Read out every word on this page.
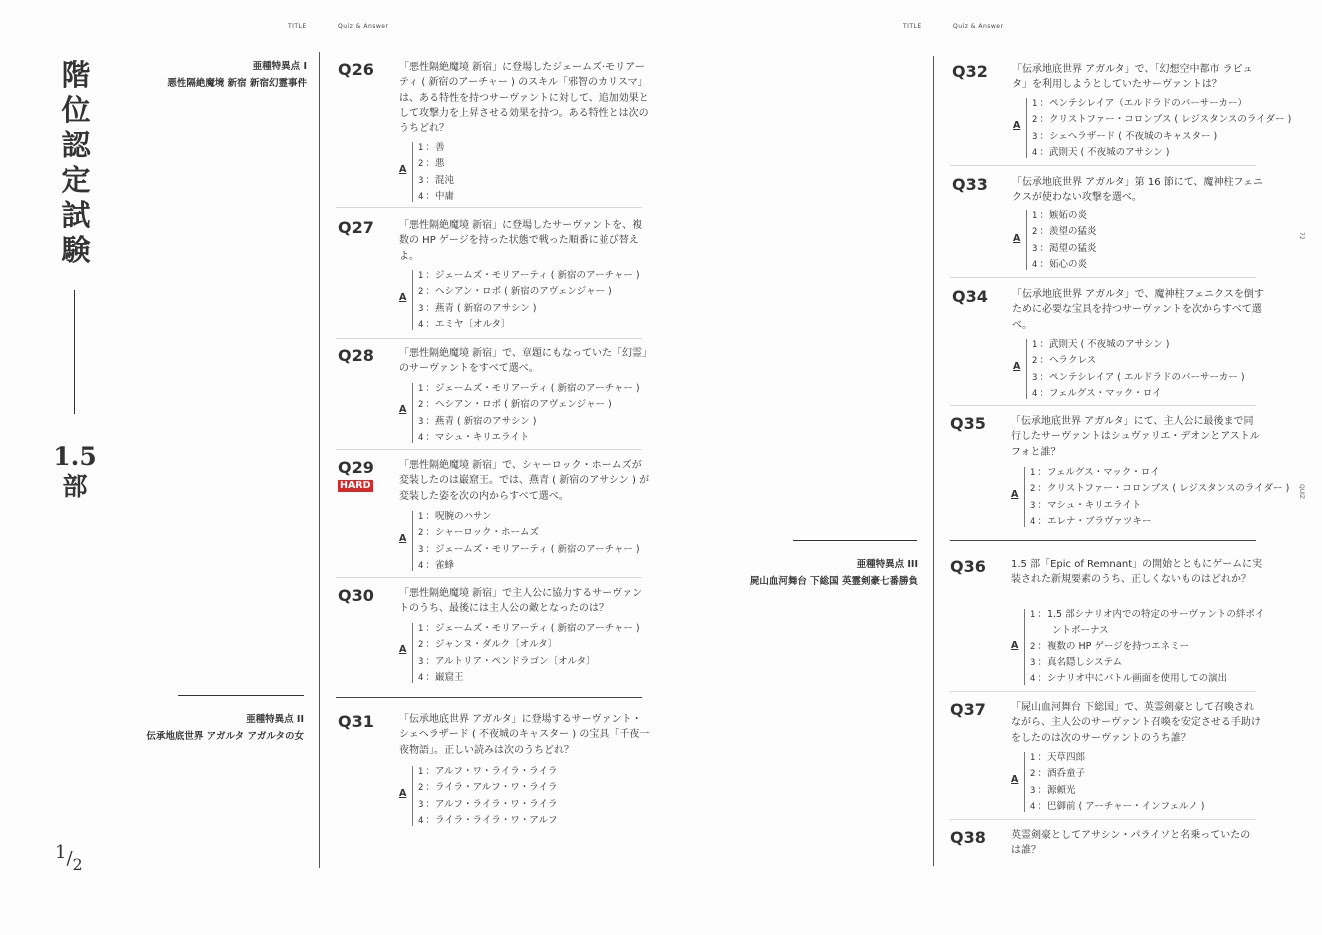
TITLE	Quiz & Answer	TITLE	Quiz & Answer
階
位
認
定
試
験
1.5
部
1/2
亜種特異点 I
悪性隔絶魔境 新宿 新宿幻霊事件
亜種特異点 II
伝承地底世界 アガルタ アガルタの女
亜種特異点 III
屍山血河舞台 下総国 英霊剣豪七番勝負
Q26	「悪性隔絶魔境 新宿」に登場したジェームズ·モリアーティ ( 新宿のアーチャー ) のスキル「邪智のカリスマ」は、ある特性を持つサーヴァントに対して、追加効果として攻撃力を上昇させる効果を持つ。ある特性とは次のうちどれ？
A
1 ：善
2 ：悪
3 ：混沌
4 ：中庸
Q27	「悪性隔絶魔境 新宿」に登場したサーヴァントを、複数の HP ゲージを持った状態で戦った順番に並び替えよ。
A
1 ：ジェームズ・モリアーティ ( 新宿のアーチャー )
2 ：ヘシアン・ロボ ( 新宿のアヴェンジャー )
3 ：燕青 ( 新宿のアサシン )
4 ：エミヤ〔オルタ〕
Q28	「悪性隔絶魔境 新宿」で、章題にもなっていた「幻霊」のサーヴァントをすべて選べ。
A
1 ：ジェームズ・モリアーティ ( 新宿のアーチャー )
2 ：ヘシアン・ロボ ( 新宿のアヴェンジャー )
3 ：燕青 ( 新宿のアサシン )
4 ：マシュ・キリエライト
Q29
HARD
「悪性隔絶魔境 新宿」で、シャーロック・ホームズが変装したのは巌窟王。では、燕青 ( 新宿のアサシン ) が変装した姿を次の内からすべて選べ。
A
1 ：呪腕のハサン
2 ：シャーロック・ホームズ
3 ：ジェームズ・モリアーティ ( 新宿のアーチャー )
4 ：雀蜂
Q30	「悪性隔絶魔境 新宿」で主人公に協力するサーヴァントのうち、最後には主人公の敵となったのは？
A
1 ：ジェームズ・モリアーティ ( 新宿のアーチャー )
2 ：ジャンヌ・ダルク〔オルタ〕
3 ：アルトリア・ペンドラゴン〔オルタ〕
4 ：巌窟王
Q31	「伝承地底世界 アガルタ」に登場するサーヴァント・シェヘラザード ( 不夜城のキャスター ) の宝具「千夜一夜物語」。正しい読みは次のうちどれ？
A
1 ：アルフ・ワ・ライラ・ライラ
2 ：ライラ・アルフ・ワ・ライラ
3 ：アルフ・ライラ・ワ・ライラ
4 ：ライラ・ライラ・ワ・アルフ
Q32 「伝承地底世界 アガルタ」で、「幻想空中都市 ラピュタ」を利用しようとしていたサーヴァントは？
A
1 ：ペンテシレイア（エルドラドのバーサーカー）
2 ：クリストファー・コロンブス ( レジスタンスのライダー )
3 ：シェヘラザード ( 不夜城のキャスター )
4 ：武則天 ( 不夜城のアサシン )
Q33 「伝承地底世界 アガルタ」第 16 節にて、魔神柱フェニクスが使わない攻撃を選べ。
A
1 ：嫉妬の炎
2 ：羨望の猛炎
3 ：渇望の猛炎
4 ：妬心の炎
Q34 「伝承地底世界 アガルタ」で、魔神柱フェニクスを倒すために必要な宝具を持つサーヴァントを次からすべて選べ。
A
1 ：武則天 ( 不夜城のアサシン )
2 ：ヘラクレス
3 ：ペンテシレイア ( エルドラドのバーサーカー )
4 ：フェルグス・マック・ロイ
Q35	「伝承地底世界 アガルタ」にて、主人公に最後まで同行したサーヴァントはシュヴァリエ・デオンとアストルフォと誰？
A
1 ：フェルグス・マック・ロイ
2 ：クリストファー・コロンブス ( レジスタンスのライダー )
3 ：マシュ・キリエライト
4 ：エレナ・ブラヴァツキー
Q36	1.5 部「Epic of Remnant」の開始とともにゲームに実装された新規要素のうち、正しくないものはどれか？
A
1 ：1.5 部シナリオ内での特定のサーヴァントの絆ポイントボーナス
2 ：複数の HP ゲージを持つエネミー
3 ：真名隠しシステム
4 ：シナリオ中にバトル画面を使用しての演出
Q37	「屍山血河舞台 下総国」で、英霊剣豪として召喚されながら、主人公のサーヴァント召喚を安定させる手助けをしたのは次のサーヴァントのうち誰？
A
1 ：天草四郎
2 ：酒呑童子
3 ：源頼光
4 ：巴御前 ( アーチャー・インフェルノ )
Q38	英霊剣豪としてアサシン・パライソと名乗っていたのは誰？
72
QUIZ
